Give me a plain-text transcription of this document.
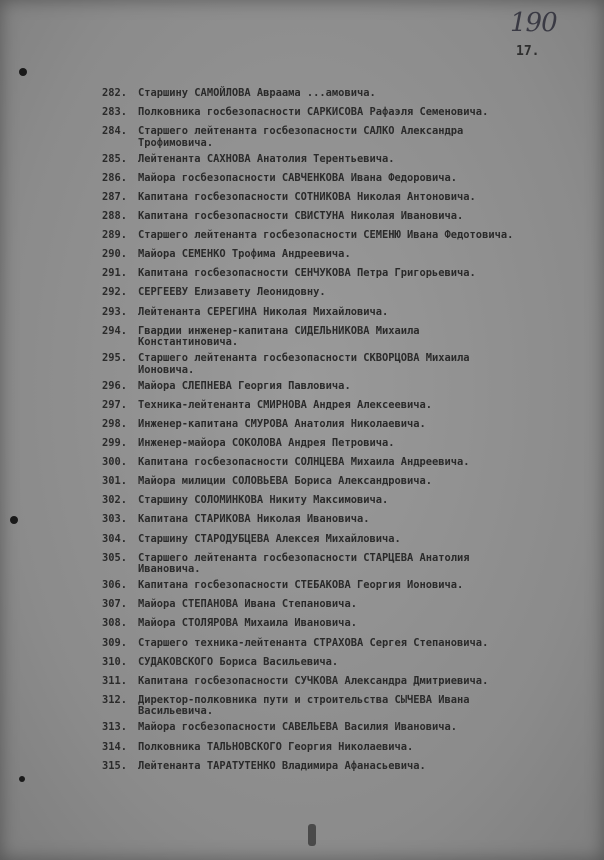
190
17.
282. Старшину САМОЙЛОВА Авраама ...амовича.
283. Полковника госбезопасности САРКИСОВА Рафаэля Семеновича.
284. Старшего лейтенанта госбезопасности САЛКО Александра
Трофимовича.
285. Лейтенанта САХНОВА Анатолия Терентьевича.
286. Майора госбезопасности САВЧЕНКОВА Ивана Федоровича.
287. Капитана госбезопасности СОТНИКОВА Николая Антоновича.
288. Капитана госбезопасности СВИСТУНА Николая Ивановича.
289. Старшего лейтенанта госбезопасности СЕМЕНЮ Ивана Федотовича.
290. Майора СЕМЕНКО Трофима Андреевича.
291. Капитана госбезопасности СЕНЧУКОВА Петра Григорьевича.
292. СЕРГЕЕВУ Елизавету Леонидовну.
293. Лейтенанта СЕРЕГИНА Николая Михайловича.
294. Гвардии инженер-капитана СИДЕЛЬНИКОВА Михаила
Константиновича.
295. Старшего лейтенанта госбезопасности СКВОРЦОВА Михаила
Ионовича.
296. Майора СЛЕПНЕВА Георгия Павловича.
297. Техника-лейтенанта СМИРНОВА Андрея Алексеевича.
298. Инженер-капитана СМУРОВА Анатолия Николаевича.
299. Инженер-майора СОКОЛОВА Андрея Петровича.
300. Капитана госбезопасности СОЛНЦЕВА Михаила Андреевича.
301. Майора милиции СОЛОВЬЕВА Бориса Александровича.
302. Старшину СОЛОМИНКОВА Никиту Максимовича.
303. Капитана СТАРИКОВА Николая Ивановича.
304. Старшину СТАРОДУБЦЕВА Алексея Михайловича.
305. Старшего лейтенанта госбезопасности СТАРЦЕВА Анатолия
Ивановича.
306. Капитана госбезопасности СТЕБАКОВА Георгия Ионовича.
307. Майора СТЕПАНОВА Ивана Степановича.
308. Майора СТОЛЯРОВА Михаила Ивановича.
309. Старшего техника-лейтенанта СТРАХОВА Сергея Степановича.
310. СУДАКОВСКОГО Бориса Васильевича.
311. Капитана госбезопасности СУЧКОВА Александра Дмитриевича.
312. Директор-полковника пути и строительства СЫЧЕВА Ивана
Васильевича.
313. Майора госбезопасности САВЕЛЬЕВА Василия Ивановича.
314. Полковника ТАЛЬНОВСКОГО Георгия Николаевича.
315. Лейтенанта ТАРАТУТЕНКО Владимира Афанасьевича.
